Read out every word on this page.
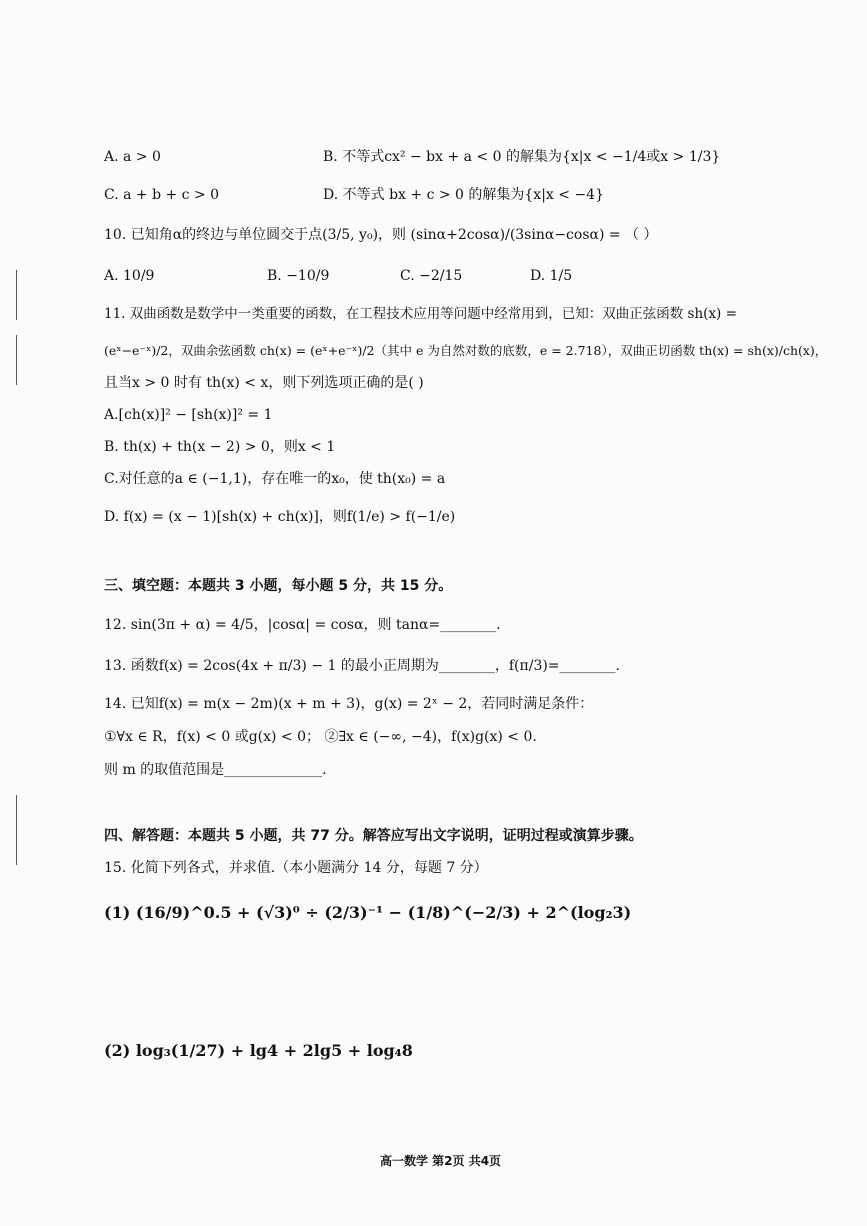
A. a > 0	B. 不等式cx² − bx + a < 0 的解集为{x|x < −1/4或x > 1/3}
C. a + b + c > 0	D. 不等式 bx + c > 0 的解集为{x|x < −4}
10. 已知角α的终边与单位圆交于点(3/5, y₀)，则 (sinα+2cosα)/(3sinα−cosα) = （ ）
A. 10/9	B. −10/9	C. −2/15	D. 1/5
11. 双曲函数是数学中一类重要的函数，在工程技术应用等问题中经常用到，已知：双曲正弦函数 sh(x) =
(eˣ−e⁻ˣ)/2，双曲余弦函数 ch(x) = (eˣ+e⁻ˣ)/2（其中 e 为自然对数的底数，e = 2.718），双曲正切函数 th(x) = sh(x)/ch(x)，
且当x > 0 时有 th(x) < x，则下列选项正确的是( )
A.[ch(x)]² − [sh(x)]² = 1
B. th(x) + th(x − 2) > 0，则x < 1
C.对任意的a ∈ (−1,1)，存在唯一的x₀，使 th(x₀) = a
D. f(x) = (x − 1)[sh(x) + ch(x)]，则f(1/e) > f(−1/e)
三、填空题：本题共 3 小题，每小题 5 分，共 15 分。
12. sin(3π + α) = 4/5，|cosα| = cosα，则 tanα=________.
13. 函数f(x) = 2cos(4x + π/3) − 1 的最小正周期为________，f(π/3)=________.
14. 已知f(x) = m(x − 2m)(x + m + 3)，g(x) = 2ˣ − 2，若同时满足条件：
①∀x ∈ R，f(x) < 0 或g(x) < 0； ②∃x ∈ (−∞, −4)，f(x)g(x) < 0.
则 m 的取值范围是______________.
四、解答题：本题共 5 小题，共 77 分。解答应写出文字说明，证明过程或演算步骤。
15. 化简下列各式，并求值.（本小题满分 14 分，每题 7 分）
(1) (16/9)^0.5 + (√3)⁰ ÷ (2/3)⁻¹ − (1/8)^(−2/3) + 2^(log₂3)
(2) log₃(1/27) + lg4 + 2lg5 + log₄8
高一数学 第2页 共4页
